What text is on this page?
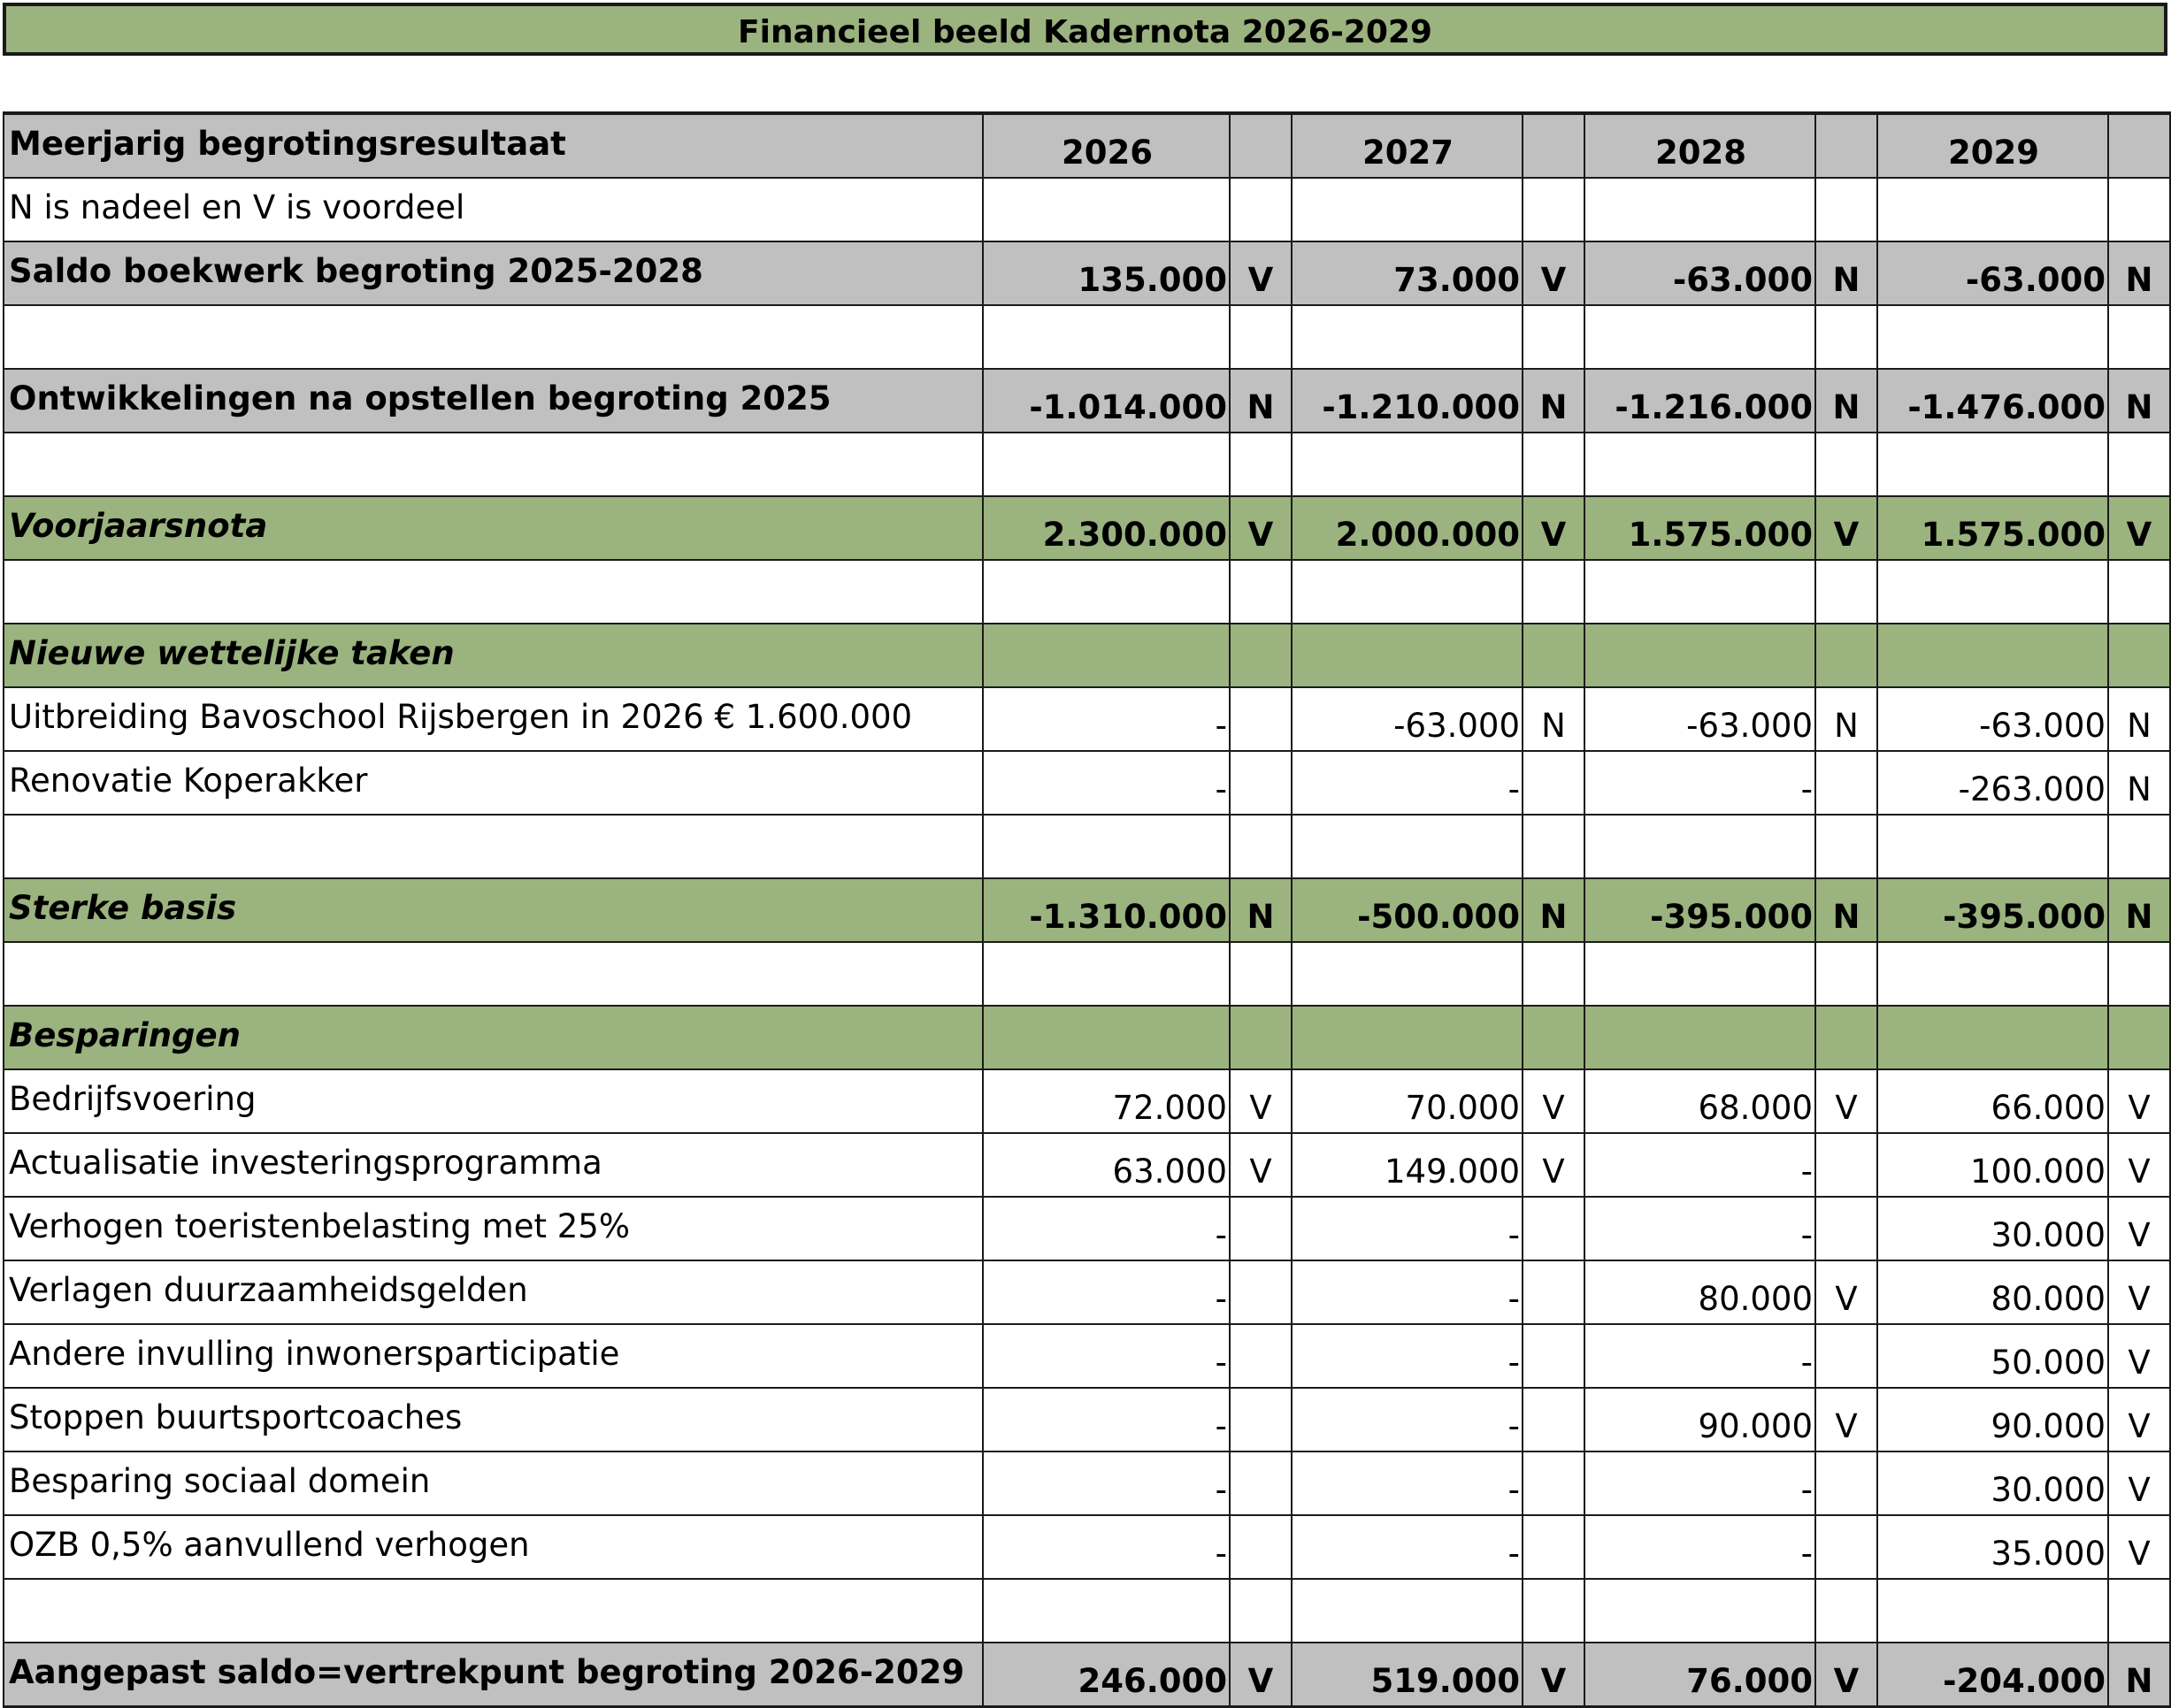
Financieel beeld Kadernota 2026-2029
Meerjarig begrotingsresultaat	2026		2027		2028		2029	
N is nadeel en V is voordeel								
Saldo boekwerk begroting 2025-2028	135.000	V	73.000	V	-63.000	N	-63.000	N

Ontwikkelingen na opstellen begroting 2025	-1.014.000	N	-1.210.000	N	-1.216.000	N	-1.476.000	N

Voorjaarsnota	2.300.000	V	2.000.000	V	1.575.000	V	1.575.000	V

Nieuwe wettelijke taken								
Uitbreiding Bavoschool Rijsbergen in 2026 € 1.600.000	-		-63.000	N	-63.000	N	-63.000	N
Renovatie Koperakker	-		-		-		-263.000	N

Sterke basis	-1.310.000	N	-500.000	N	-395.000	N	-395.000	N

Besparingen								
Bedrijfsvoering	72.000	V	70.000	V	68.000	V	66.000	V
Actualisatie investeringsprogramma	63.000	V	149.000	V	-		100.000	V
Verhogen toeristenbelasting met 25%	-		-		-		30.000	V
Verlagen duurzaamheidsgelden	-		-		80.000	V	80.000	V
Andere invulling inwonersparticipatie	-		-		-		50.000	V
Stoppen buurtsportcoaches	-		-		90.000	V	90.000	V
Besparing sociaal domein	-		-		-		30.000	V
OZB 0,5% aanvullend verhogen	-		-		-		35.000	V

Aangepast saldo=vertrekpunt begroting 2026-2029	246.000	V	519.000	V	76.000	V	-204.000	N
